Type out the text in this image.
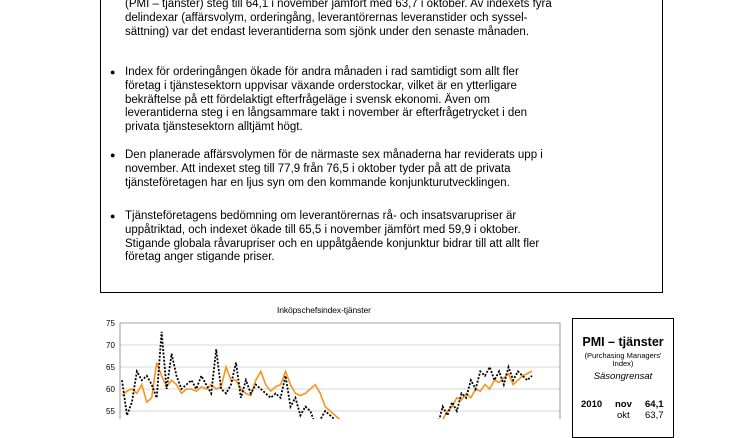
(PMI – tjänster) steg till 64,1 i november jämfört med 63,7 i oktober. Av indexets fyra
delindexar (affärsvolym, orderingång, leverantörernas leveranstider och syssel-
sättning) var det endast leverantiderna som sjönk under den senaste månaden.
● Index för orderingången ökade för andra månaden i rad samtidigt som allt fler
företag i tjänstesektorn uppvisar växande orderstockar, vilket är en ytterligare
bekräftelse på ett fördelaktigt efterfrågeläge i svensk ekonomi. Även om
leverantiderna steg i en långsammare takt i november är efterfrågetrycket i den
privata tjänstesektorn alltjämt högt.
● Den planerade affärsvolymen för de närmaste sex månaderna har reviderats upp i
november. Att indexet steg till 77,9 från 76,5 i oktober tyder på att de privata
tjänsteföretagen har en ljus syn om den kommande konjunkturutvecklingen.
● Tjänsteföretagens bedömning om leverantörernas rå- och insatsvarupriser är
uppåtriktad, och indexet ökade till 65,5 i november jämfört med 59,9 i oktober.
Stigande globala råvarupriser och en uppåtgående konjunktur bidrar till att allt fler
företag anger stigande priser.
Inköpschefsindex-tjänster
75
70
65
60
55
PMI – tjänster
(Purchasing Managers'
Index)
Säsongrensat
2010 nov 64,1
okt 63,7
